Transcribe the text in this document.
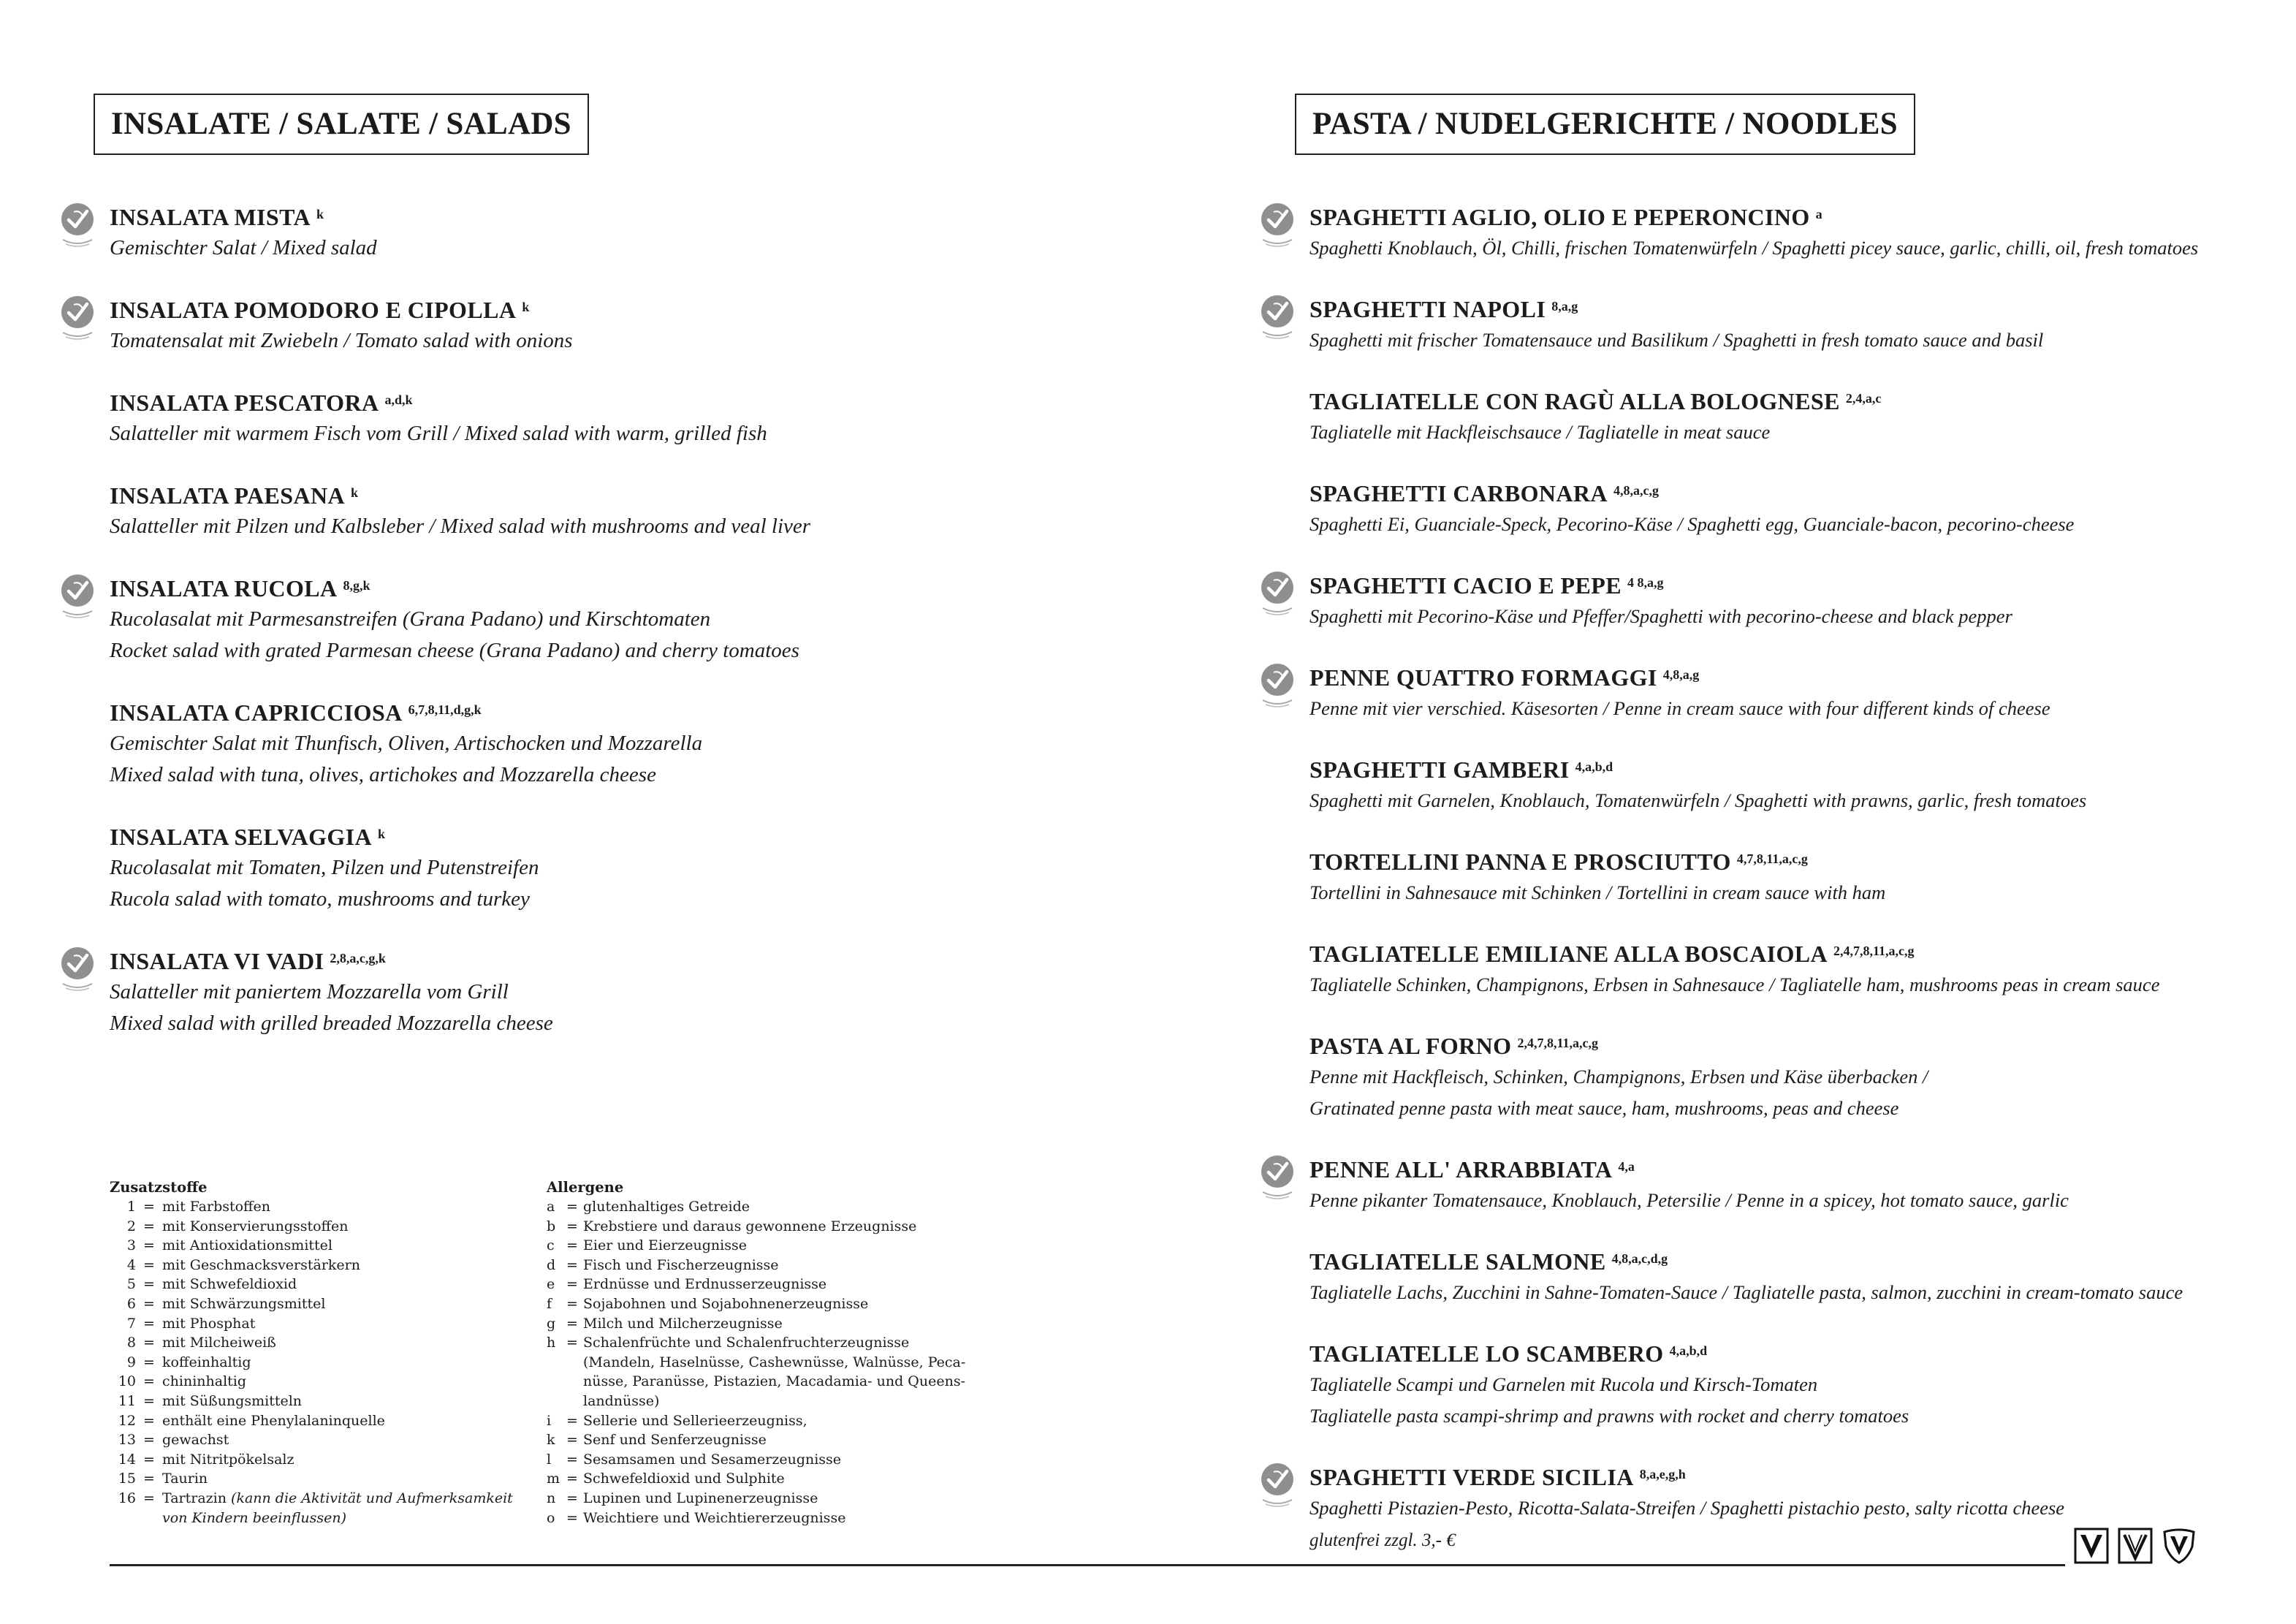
INSALATE / SALATE / SALADS	PASTA / NUDELGERICHTE / NOODLES
INSALATA MISTA $^k$
Gemischter Salat / Mixed salad
INSALATA POMODORO E CIPOLLA $^k$
Tomatensalat mit Zwiebeln / Tomato salad with onions
INSALATA PESCATORA $^{a,d,k}$
Salatteller mit warmem Fisch vom Grill / Mixed salad with warm, grilled fish
INSALATA PAESANA $^k$
Salatteller mit Pilzen und Kalbsleber / Mixed salad with mushrooms and veal liver
INSALATA RUCOLA $^{8,g,k}$
Rucolasalat mit Parmesanstreifen (Grana Padano) und Kirschtomaten
Rocket salad with grated Parmesan cheese (Grana Padano) and cherry tomatoes
INSALATA CAPRICCIOSA $^{6,7,8,11,d,g,k}$
Gemischter Salat mit Thunfisch, Oliven, Artischocken und Mozzarella
Mixed salad with tuna, olives, artichokes and Mozzarella cheese
INSALATA SELVAGGIA $^k$
Rucolasalat mit Tomaten, Pilzen und Putenstreifen
Rucola salad with tomato, mushrooms and turkey
INSALATA VI VADI $^{2,8,a,c,g,k}$
Salatteller mit paniertem Mozzarella vom Grill
Mixed salad with grilled breaded Mozzarella cheese
SPAGHETTI AGLIO, OLIO E PEPERONCINO $^a$
Spaghetti Knoblauch, Öl, Chilli, frischen Tomatenwürfeln / Spaghetti picey sauce, garlic, chilli, oil, fresh tomatoes
SPAGHETTI NAPOLI $^{8,a,g}$
Spaghetti mit frischer Tomatensauce und Basilikum / Spaghetti in fresh tomato sauce and basil
TAGLIATELLE CON RAGÙ ALLA BOLOGNESE $^{2,4,a,c}$
Tagliatelle mit Hackfleischsauce / Tagliatelle in meat sauce
SPAGHETTI CARBONARA $^{4,8,a,c,g}$
Spaghetti Ei, Guanciale-Speck, Pecorino-Käse / Spaghetti egg, Guanciale-bacon, pecorino-cheese
SPAGHETTI CACIO E PEPE $^{4 8,a,g}$
Spaghetti mit Pecorino-Käse und Pfeffer/Spaghetti with pecorino-cheese and black pepper
PENNE QUATTRO FORMAGGI $^{4,8,a,g}$
Penne mit vier verschied. Käsesorten / Penne in cream sauce with four different kinds of cheese
SPAGHETTI GAMBERI $^{4,a,b,d}$
Spaghetti mit Garnelen, Knoblauch, Tomatenwürfeln / Spaghetti with prawns, garlic, fresh tomatoes
TORTELLINI PANNA E PROSCIUTTO $^{4,7,8,11,a,c,g}$
Tortellini in Sahnesauce mit Schinken / Tortellini in cream sauce with ham
TAGLIATELLE EMILIANE ALLA BOSCAIOLA $^{2,4,7,8,11,a,c,g}$
Tagliatelle Schinken, Champignons, Erbsen in Sahnesauce / Tagliatelle ham, mushrooms peas in cream sauce
PASTA AL FORNO $^{2,4,7,8,11,a,c,g}$
Penne mit Hackfleisch, Schinken, Champignons, Erbsen und Käse überbacken /
Gratinated penne pasta with meat sauce, ham, mushrooms, peas and cheese
PENNE ALL' ARRABBIATA $^{4,a}$
Penne pikanter Tomatensauce, Knoblauch, Petersilie / Penne in a spicey, hot tomato sauce, garlic
TAGLIATELLE SALMONE $^{4,8,a,c,d,g}$
Tagliatelle Lachs, Zucchini in Sahne-Tomaten-Sauce / Tagliatelle pasta, salmon, zucchini in cream-tomato sauce
TAGLIATELLE LO SCAMBERO $^{4,a,b,d}$
Tagliatelle Scampi und Garnelen mit Rucola und Kirsch-Tomaten
Tagliatelle pasta scampi-shrimp and prawns with rocket and cherry tomatoes
SPAGHETTI VERDE SICILIA $^{8,a,e,g,h}$
Spaghetti Pistazien-Pesto, Ricotta-Salata-Streifen / Spaghetti pistachio pesto, salty ricotta cheese
Zusatzstoffe
1 = mit Farbstoffen
2 = mit Konservierungsstoffen
3 = mit Antioxidationsmittel
4 = mit Geschmacksverstärkern
5 = mit Schwefeldioxid
6 = mit Schwärzungsmittel
7 = mit Phosphat
8 = mit Milcheiweiß
9 = koffeinhaltig
10 = chininhaltig
11 = mit Süßungsmitteln
12 = enthält eine Phenylalaninquelle
13 = gewachst
14 = mit Nitritpökelsalz
15 = Taurin
16 = Tartrazin (kann die Aktivität und Aufmerksamkeit
von Kindern beeinflussen)
Allergene
a = glutenhaltiges Getreide
b = Krebstiere und daraus gewonnene Erzeugnisse
c = Eier und Eierzeugnisse
d = Fisch und Fischerzeugnisse
e = Erdnüsse und Erdnusserzeugnisse
f	= Sojabohnen und Sojabohnenerzeugnisse
g = Milch und Milcherzeugnisse
h = Schalenfrüchte und Schalenfruchterzeugnisse
(Mandeln, Haselnüsse, Cashewnüsse, Walnüsse, Peca-
nüsse, Paranüsse, Pistazien, Macadamia- und Queens-
landnüsse)
i	= Sellerie und Sellerieerzeugniss,
k = Senf und Senferzeugnisse
l	= Sesamsamen und Sesamerzeugnisse
m = Schwefeldioxid und Sulphite
n = Lupinen und Lupinenerzeugnisse
o = Weichtiere und Weichtiererzeugnisse
glutenfrei zzgl. 3,- €
